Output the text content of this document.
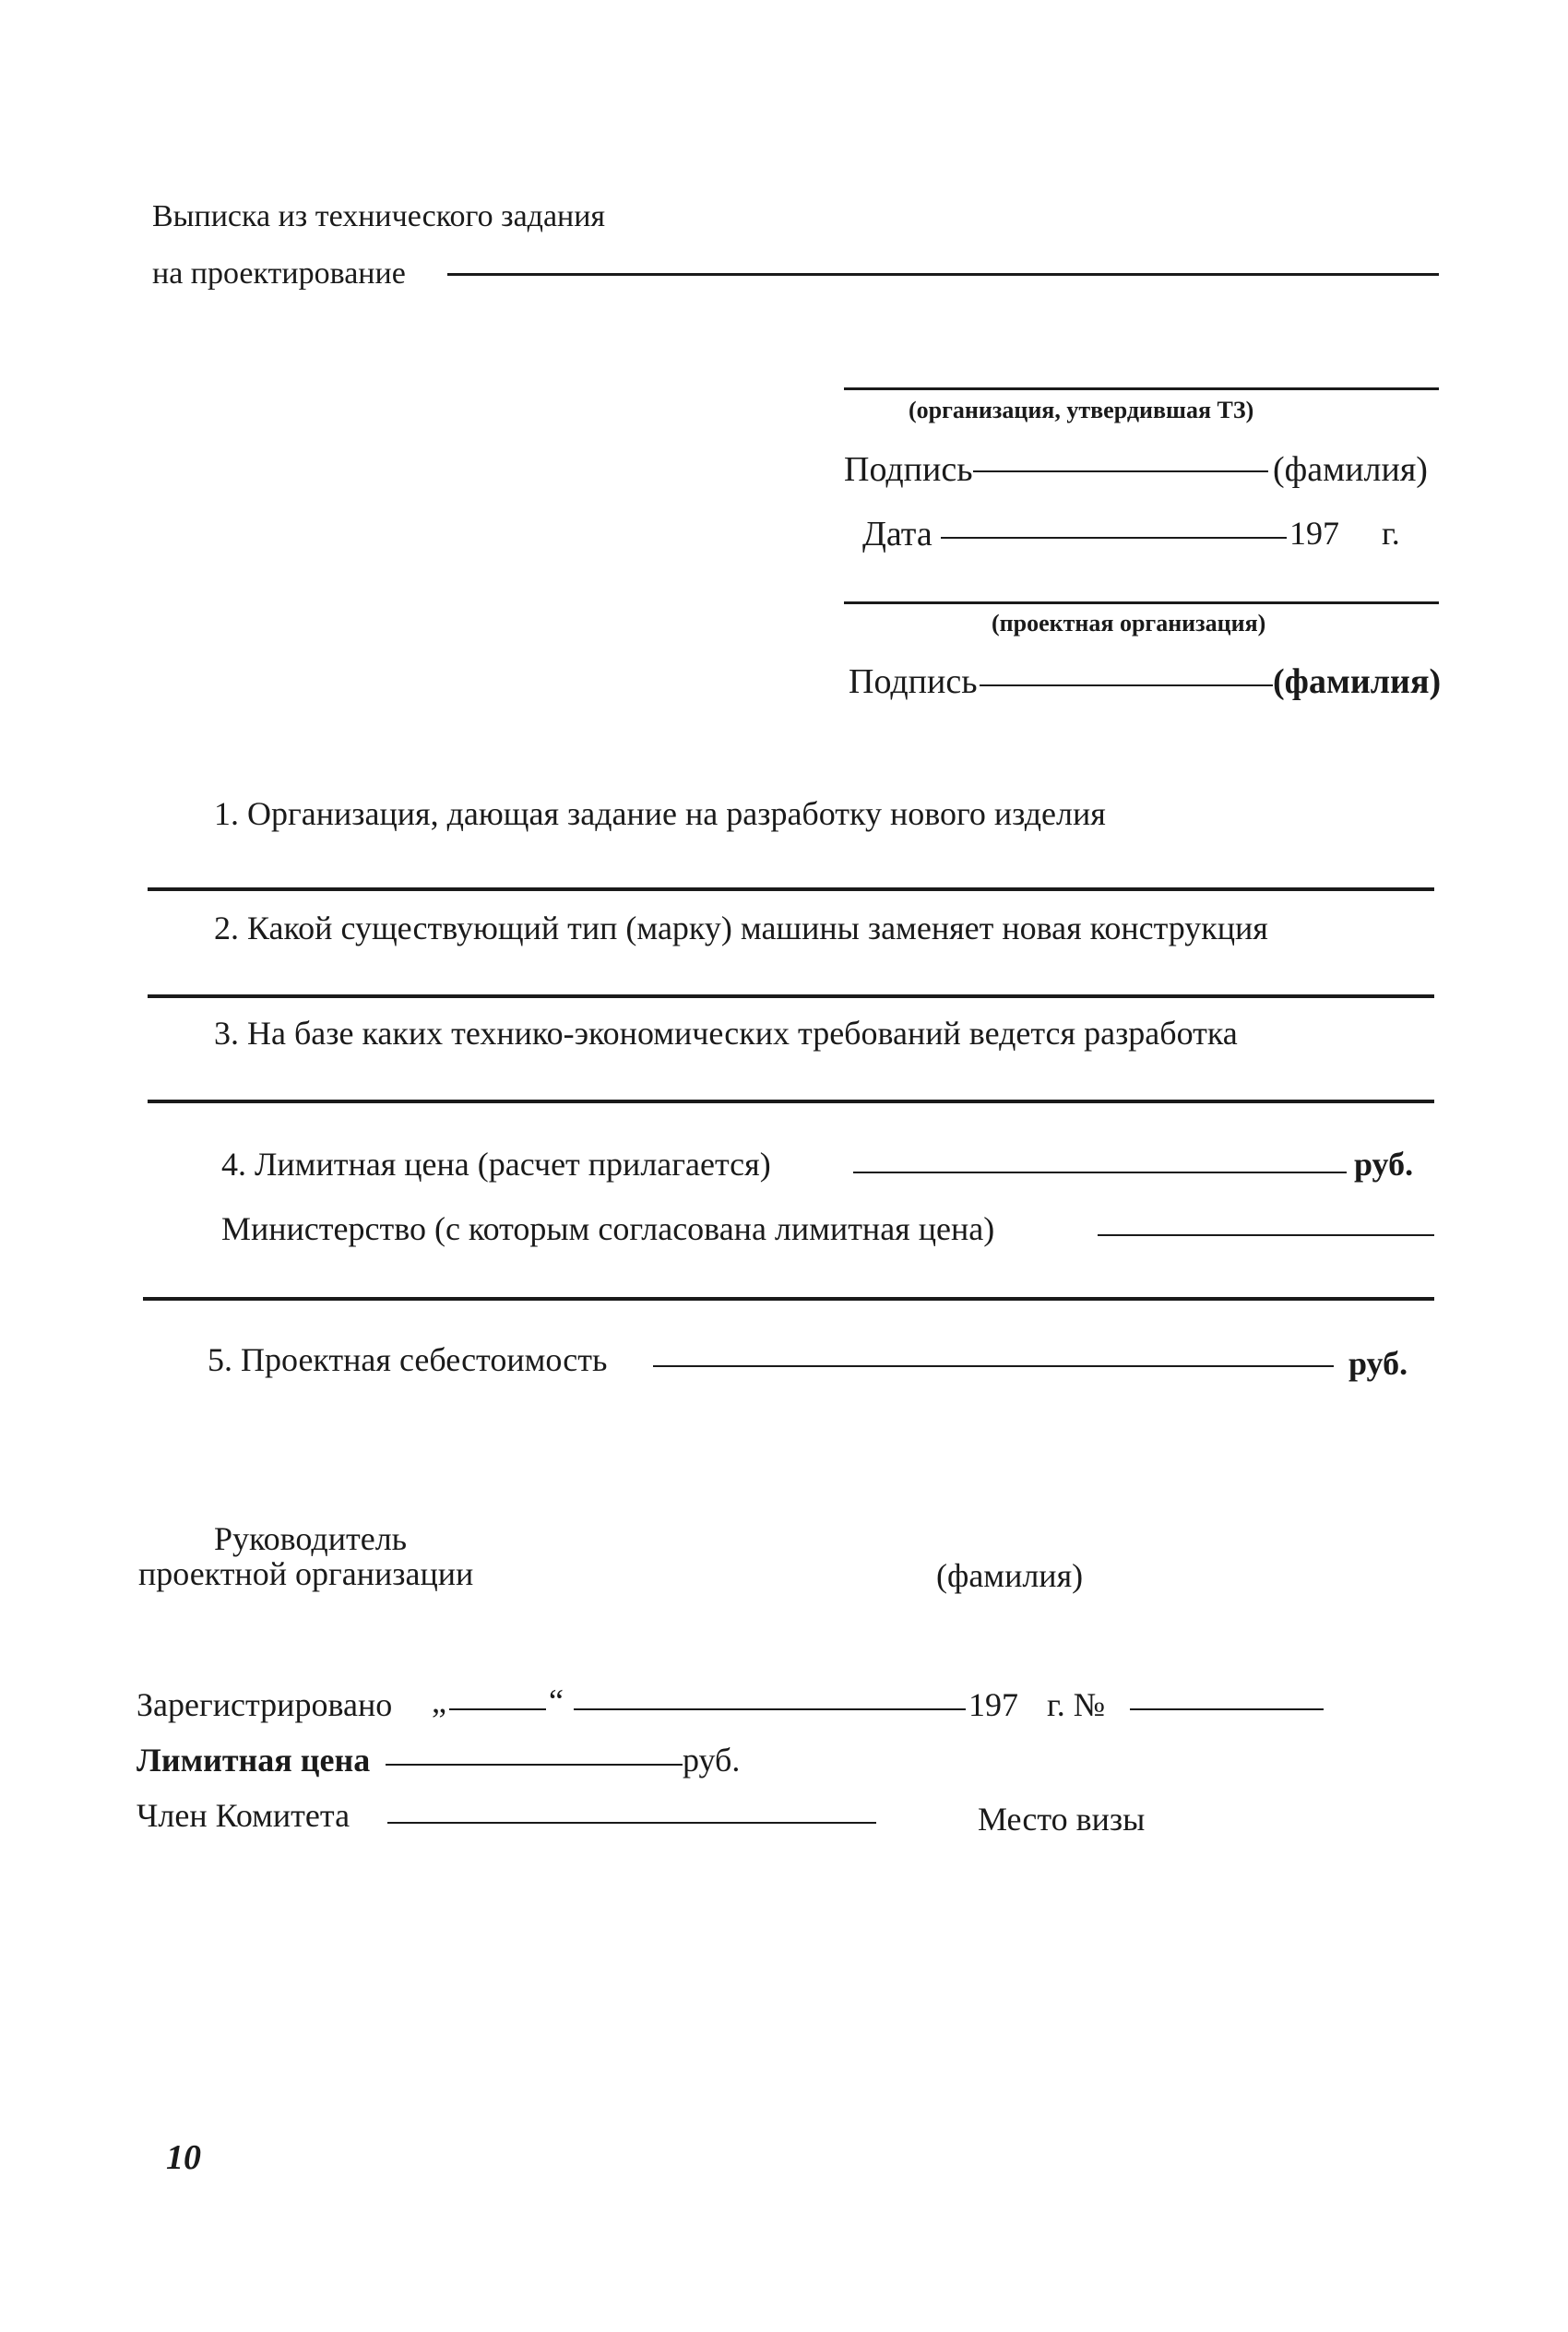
Выписка из технического задания
на проектирование
(организация, утвердившая ТЗ)
Подпись	(фамилия)
Дата	197 г.
(проектная организация)
Подпись	(фамилия)
1. Организация, дающая задание на разработку нового изделия
2. Какой существующий тип (марку) машины заменяет новая конструкция
3. На базе каких технико-экономических требований ведется разработка
4. Лимитная цена (расчет прилагается)	руб.
Министерство (с которым согласована лимитная цена)
5. Проектная себестоимость	руб.
Руководитель
проектной организации	(фамилия)
Зарегистрировано „	“	197 г. №
Лимитная цена	руб.
Член Комитета	Место визы
10
